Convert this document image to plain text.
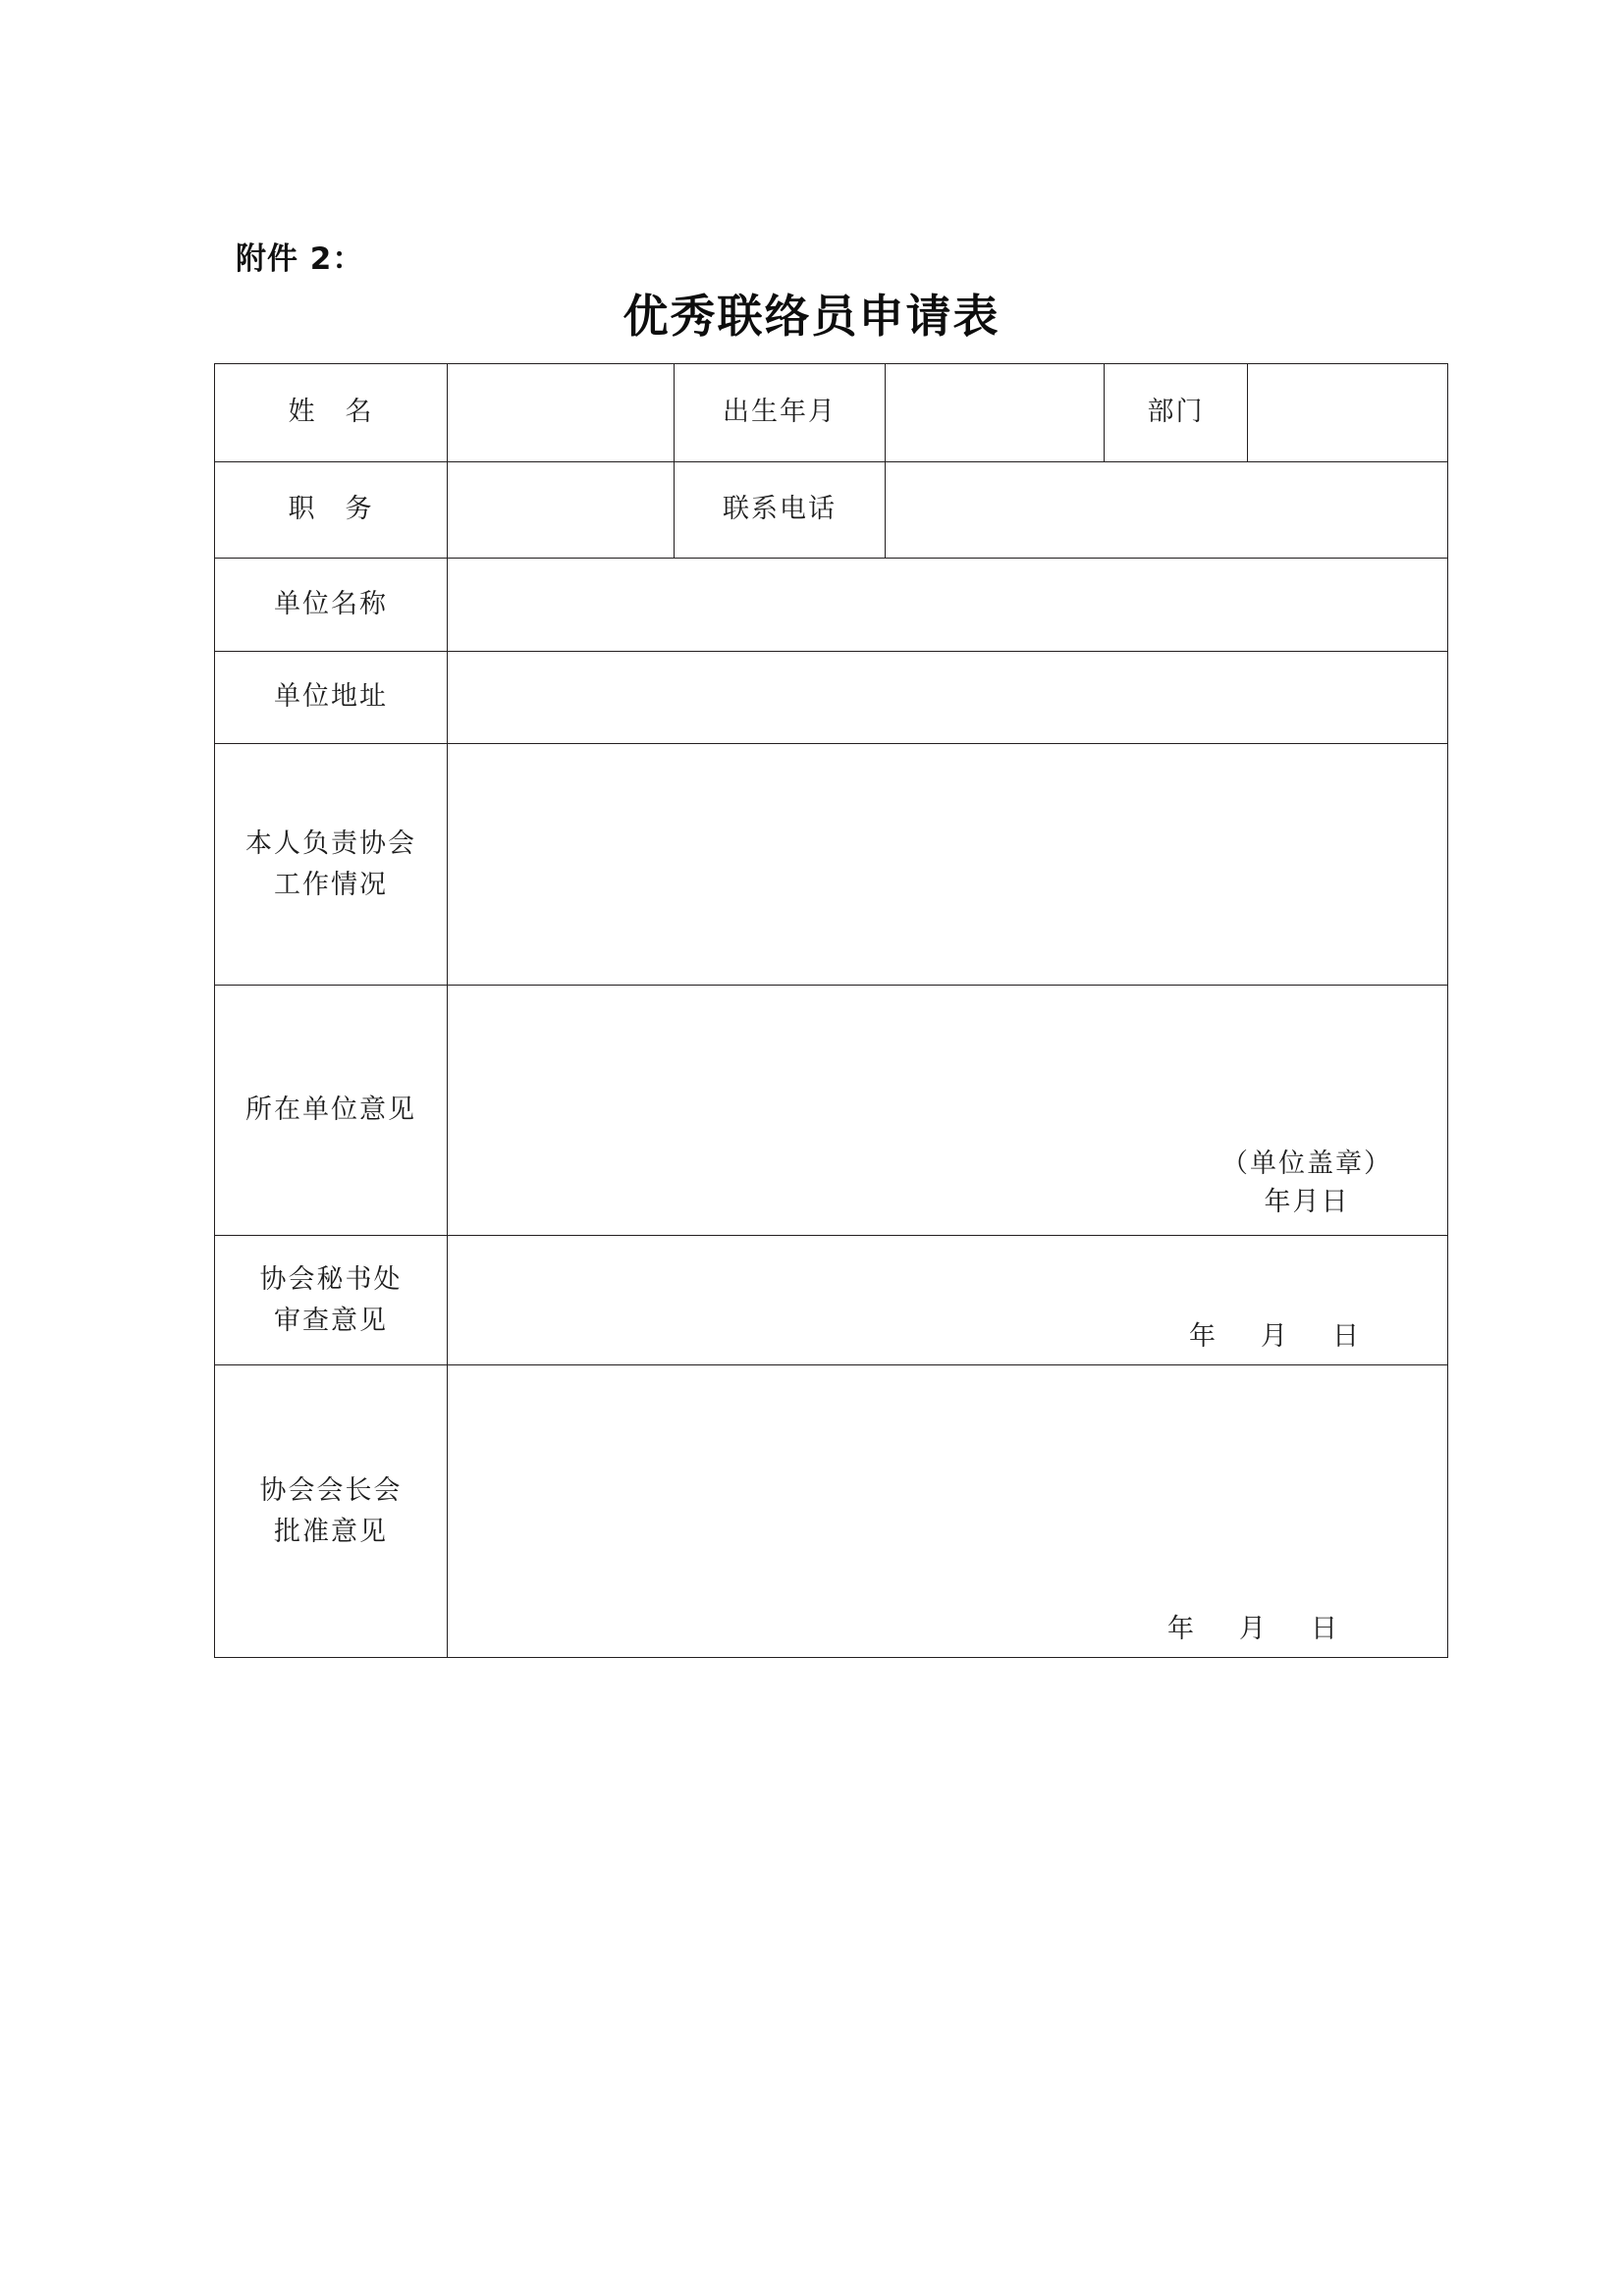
附件 2：
优秀联络员申请表
姓　名		出生年月		部门	
职　务		联系电话			
单位名称					
单位地址					

本人负责协会
工作情况					

所在单位意见	（单位盖章）
年月日				

协会秘书处
审查意见	年 月 日				

协会会长会
批准意见	年 月 日				
